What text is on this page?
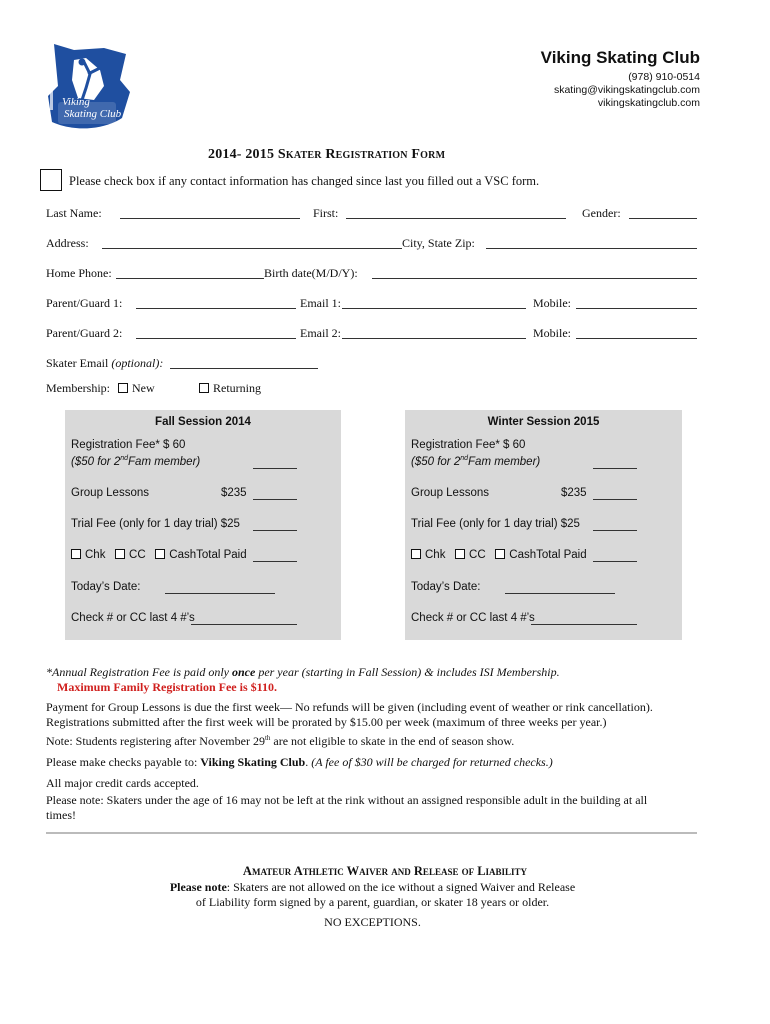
Viking
Skating Club
Viking Skating Club
(978) 910-0514
skating@vikingskatingclub.com
vikingskatingclub.com
2014- 2015 Skater Registration Form
Please check box if any contact information has changed since last you filled out a VSC form.
Last Name:	First:	Gender:
Address:	City, State Zip:
Home Phone:	Birth date(M/D/Y):
Parent/Guard 1:	Email 1:	Mobile:
Parent/Guard 2:	Email 2:	Mobile:
Skater Email (optional):
Membership:	New	Returning
Fall Session 2014
Registration Fee* $ 60
($50 for 2ndFam member)
Group Lessons	$235
Trial Fee (only for 1 day trial) $25
Chk CC CashTotal Paid
Today’s Date:
Check # or CC last 4 #’s
Winter Session 2015
Registration Fee* $ 60
($50 for 2ndFam member)
Group Lessons	$235
Trial Fee (only for 1 day trial) $25
Chk CC CashTotal Paid
Today’s Date:
Check # or CC last 4 #’s
*Annual Registration Fee is paid only once per year (starting in Fall Session) & includes ISI Membership.
Maximum Family Registration Fee is $110.
Payment for Group Lessons is due the first week— No refunds will be given (including event of weather or rink cancellation).
Registrations submitted after the first week will be prorated by $15.00 per week (maximum of three weeks per year.)
Note: Students registering after November 29th are not eligible to skate in the end of season show.
Please make checks payable to: Viking Skating Club. (A fee of $30 will be charged for returned checks.)
All major credit cards accepted.
Please note: Skaters under the age of 16 may not be left at the rink without an assigned responsible adult in the building at all
times!
Amateur Athletic Waiver and Release of Liability
Please note: Skaters are not allowed on the ice without a signed Waiver and Release
of Liability form signed by a parent, guardian, or skater 18 years or older.
NO EXCEPTIONS.
